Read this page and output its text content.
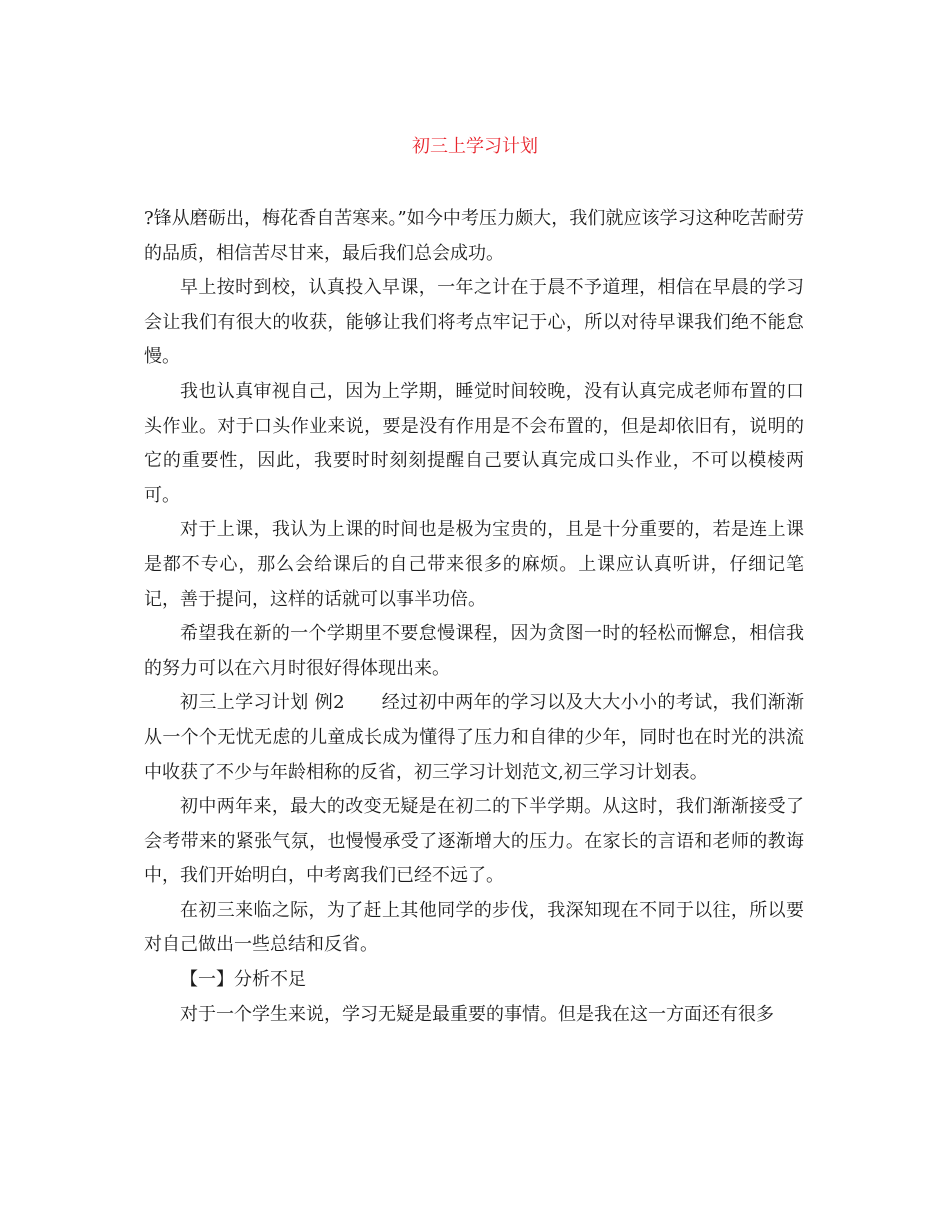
初三上学习计划

?锋从磨砺出，梅花香自苦寒来。”如今中考压力颇大，我们就应该学习这种吃苦耐劳的品质，相信苦尽甘来，最后我们总会成功。

早上按时到校，认真投入早课，一年之计在于晨不予道理，相信在早晨的学习会让我们有很大的收获，能够让我们将考点牢记于心，所以对待早课我们绝不能怠慢。

我也认真审视自己，因为上学期，睡觉时间较晚，没有认真完成老师布置的口头作业。对于口头作业来说，要是没有作用是不会布置的，但是却依旧有，说明的它的重要性，因此，我要时时刻刻提醒自己要认真完成口头作业，不可以模棱两可。

对于上课，我认为上课的时间也是极为宝贵的，且是十分重要的，若是连上课是都不专心，那么会给课后的自己带来很多的麻烦。上课应认真听讲，仔细记笔记，善于提问，这样的话就可以事半功倍。

希望我在新的一个学期里不要怠慢课程，因为贪图一时的轻松而懈怠，相信我的努力可以在六月时很好得体现出来。

初三上学习计划 例2　　经过初中两年的学习以及大大小小的考试，我们渐渐从一个个无忧无虑的儿童成长成为懂得了压力和自律的少年，同时也在时光的洪流中收获了不少与年龄相称的反省，初三学习计划范文,初三学习计划表。

初中两年来，最大的改变无疑是在初二的下半学期。从这时，我们渐渐接受了会考带来的紧张气氛，也慢慢承受了逐渐增大的压力。在家长的言语和老师的教诲中，我们开始明白，中考离我们已经不远了。

在初三来临之际，为了赶上其他同学的步伐，我深知现在不同于以往，所以要对自己做出一些总结和反省。

【一】分析不足

对于一个学生来说，学习无疑是最重要的事情。但是我在这一方面还有很多
